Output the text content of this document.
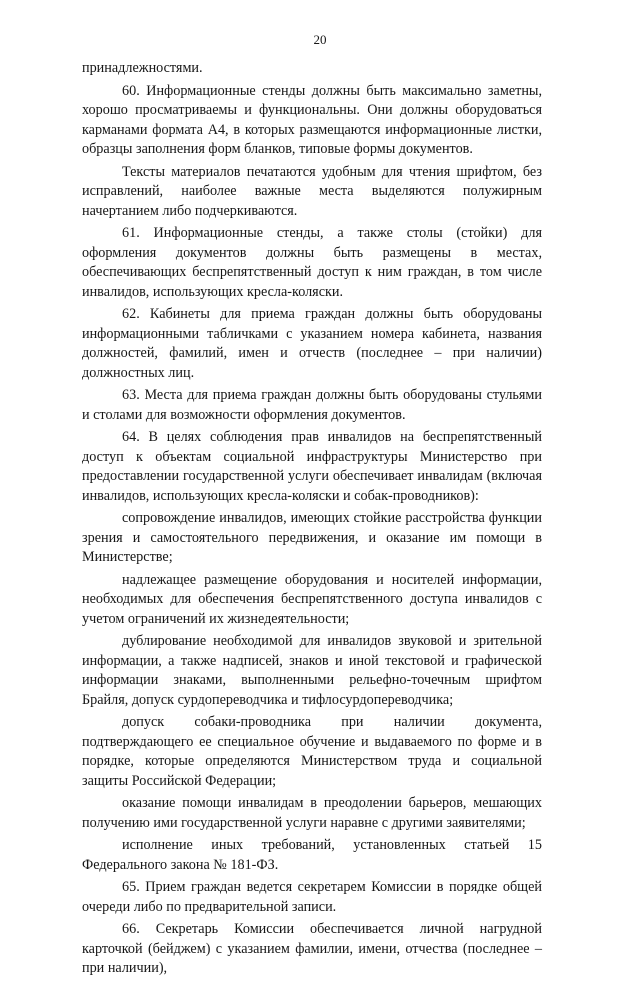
20

принадлежностями.

60. Информационные стенды должны быть максимально заметны, хорошо просматриваемы и функциональны. Они должны оборудоваться карманами формата А4, в которых размещаются информационные листки, образцы заполнения форм бланков, типовые формы документов.

Тексты материалов печатаются удобным для чтения шрифтом, без исправлений, наиболее важные места выделяются полужирным начертанием либо подчеркиваются.

61. Информационные стенды, а также столы (стойки) для оформления документов должны быть размещены в местах, обеспечивающих беспрепятственный доступ к ним граждан, в том числе инвалидов, использующих кресла-коляски.

62. Кабинеты для приема граждан должны быть оборудованы информационными табличками с указанием номера кабинета, названия должностей, фамилий, имен и отчеств (последнее – при наличии) должностных лиц.

63. Места для приема граждан должны быть оборудованы стульями и столами для возможности оформления документов.

64. В целях соблюдения прав инвалидов на беспрепятственный доступ к объектам социальной инфраструктуры Министерство при предоставлении государственной услуги обеспечивает инвалидам (включая инвалидов, использующих кресла-коляски и собак-проводников):

сопровождение инвалидов, имеющих стойкие расстройства функции зрения и самостоятельного передвижения, и оказание им помощи в Министерстве;

надлежащее размещение оборудования и носителей информации, необходимых для обеспечения беспрепятственного доступа инвалидов с учетом ограничений их жизнедеятельности;

дублирование необходимой для инвалидов звуковой и зрительной информации, а также надписей, знаков и иной текстовой и графической информации знаками, выполненными рельефно-точечным шрифтом Брайля, допуск сурдопереводчика и тифлосурдопереводчика;

допуск собаки-проводника при наличии документа, подтверждающего ее специальное обучение и выдаваемого по форме и в порядке, которые определяются Министерством труда и социальной защиты Российской Федерации;

оказание помощи инвалидам в преодолении барьеров, мешающих получению ими государственной услуги наравне с другими заявителями;

исполнение иных требований, установленных статьей 15 Федерального закона № 181-ФЗ.

65. Прием граждан ведется секретарем Комиссии в порядке общей очереди либо по предварительной записи.

66. Секретарь Комиссии обеспечивается личной нагрудной карточкой (бейджем) с указанием фамилии, имени, отчества (последнее – при наличии),
